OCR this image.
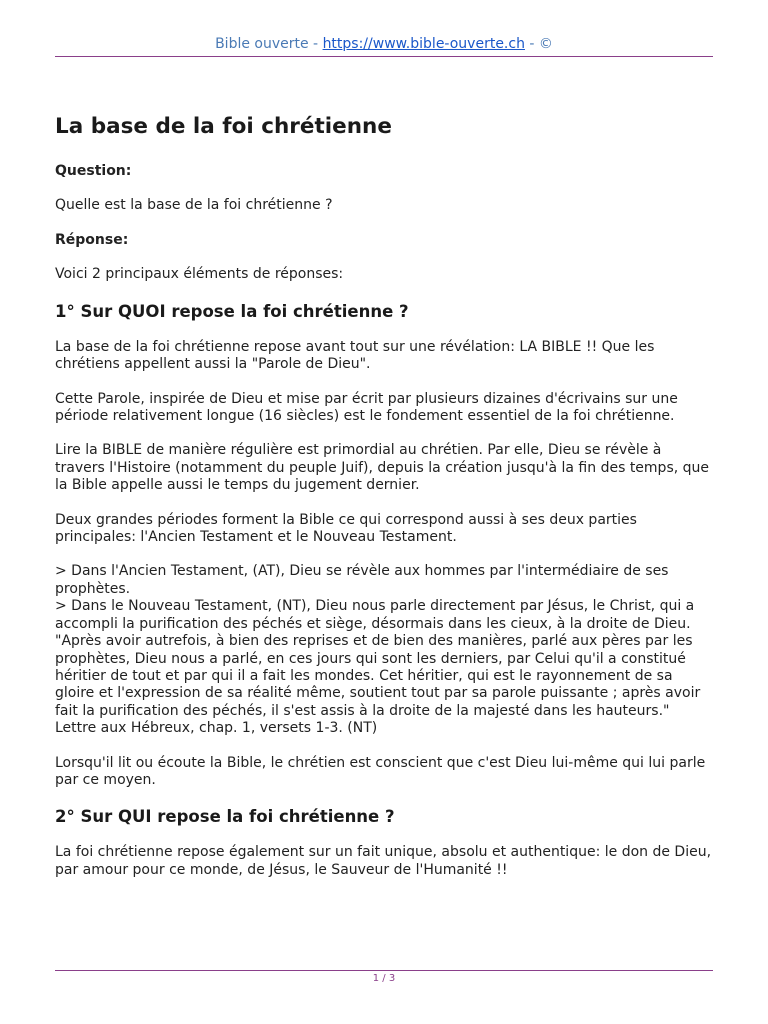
Bible ouverte - https://www.bible-ouverte.ch - ©
La base de la foi chrétienne
Question:

Quelle est la base de la foi chrétienne ?

Réponse:

Voici 2 principaux éléments de réponses:

1° Sur QUOI repose la foi chrétienne ?

La base de la foi chrétienne repose avant tout sur une révélation: LA BIBLE !! Que les chrétiens appellent aussi la "Parole de Dieu".

Cette Parole, inspirée de Dieu et mise par écrit par plusieurs dizaines d'écrivains sur une période relativement longue (16 siècles) est le fondement essentiel de la foi chrétienne.

Lire la BIBLE de manière régulière est primordial au chrétien. Par elle, Dieu se révèle à travers l'Histoire (notamment du peuple Juif), depuis la création jusqu'à la fin des temps, que la Bible appelle aussi le temps du jugement dernier.

Deux grandes périodes forment la Bible ce qui correspond aussi à ses deux parties principales: l'Ancien Testament et le Nouveau Testament.

> Dans l'Ancien Testament, (AT), Dieu se révèle aux hommes par l'intermédiaire de ses prophètes.

> Dans le Nouveau Testament, (NT), Dieu nous parle directement par Jésus, le Christ, qui a accompli la purification des péchés et siège, désormais dans les cieux, à la droite de Dieu. "Après avoir autrefois, à bien des reprises et de bien des manières, parlé aux pères par les prophètes, Dieu nous a parlé, en ces jours qui sont les derniers, par Celui qu'il a constitué héritier de tout et par qui il a fait les mondes. Cet héritier, qui est le rayonnement de sa gloire et l'expression de sa réalité même, soutient tout par sa parole puissante ; après avoir fait la purification des péchés, il s'est assis à la droite de la majesté dans les hauteurs." Lettre aux Hébreux, chap. 1, versets 1-3. (NT)

Lorsqu'il lit ou écoute la Bible, le chrétien est conscient que c'est Dieu lui-même qui lui parle par ce moyen.

2° Sur QUI repose la foi chrétienne ?

La foi chrétienne repose également sur un fait unique, absolu et authentique: le don de Dieu, par amour pour ce monde, de Jésus, le Sauveur de l'Humanité !!

1 / 3
